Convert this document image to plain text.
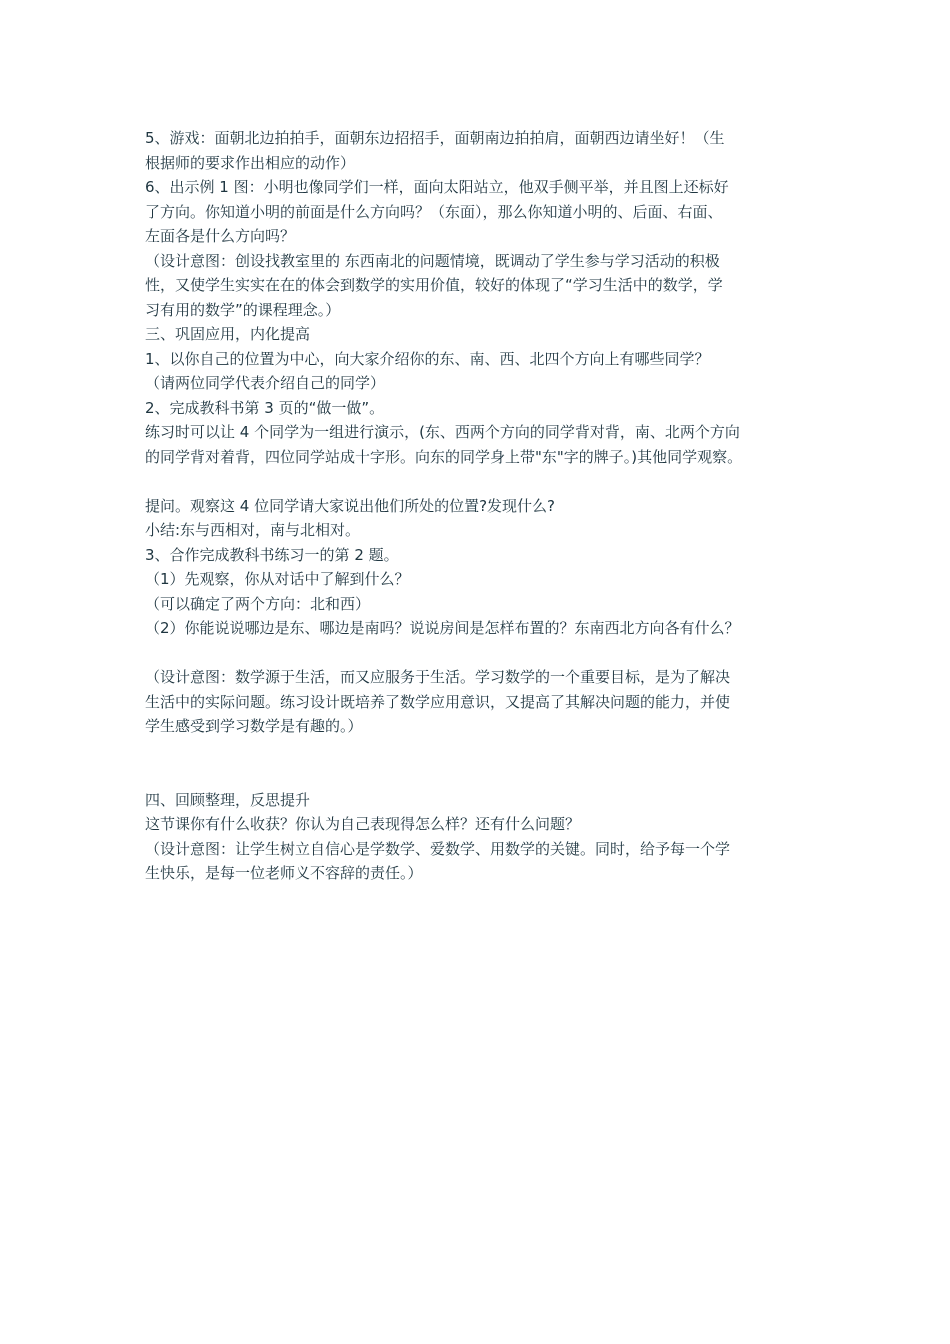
5、游戏：面朝北边拍拍手，面朝东边招招手，面朝南边拍拍肩，面朝西边请坐好！（生
根据师的要求作出相应的动作）
6、出示例 1 图：小明也像同学们一样，面向太阳站立，他双手侧平举，并且图上还标好
了方向。你知道小明的前面是什么方向吗？（东面），那么你知道小明的、后面、右面、
左面各是什么方向吗？
（设计意图：创设找教室里的 东西南北的问题情境，既调动了学生参与学习活动的积极
性，又使学生实实在在的体会到数学的实用价值，较好的体现了“学习生活中的数学，学
习有用的数学”的课程理念。）
三、巩固应用，内化提高
1、以你自己的位置为中心，向大家介绍你的东、南、西、北四个方向上有哪些同学？
（请两位同学代表介绍自己的同学）
2、完成教科书第 3 页的“做一做”。
练习时可以让 4 个同学为一组进行演示，(东、西两个方向的同学背对背，南、北两个方向
的同学背对着背，四位同学站成十字形。向东的同学身上带"东"字的牌子。)其他同学观察。
提问。观察这 4 位同学请大家说出他们所处的位置?发现什么?
小结:东与西相对，南与北相对。
3、合作完成教科书练习一的第 2 题。
（1）先观察，你从对话中了解到什么？
（可以确定了两个方向：北和西）
（2）你能说说哪边是东、哪边是南吗？说说房间是怎样布置的？东南西北方向各有什么？
（设计意图：数学源于生活，而又应服务于生活。学习数学的一个重要目标，是为了解决
生活中的实际问题。练习设计既培养了数学应用意识，又提高了其解决问题的能力，并使
学生感受到学习数学是有趣的。）
四、回顾整理，反思提升
这节课你有什么收获？你认为自己表现得怎么样？还有什么问题？
（设计意图：让学生树立自信心是学数学、爱数学、用数学的关键。同时，给予每一个学
生快乐，是每一位老师义不容辞的责任。）
